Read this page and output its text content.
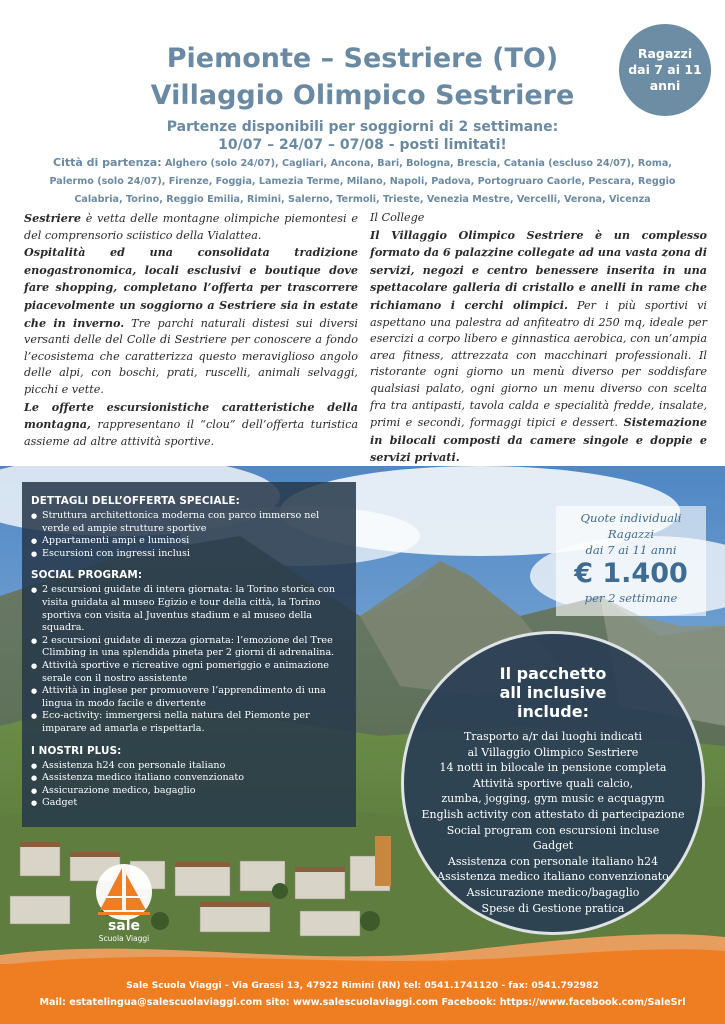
Piemonte – Sestriere (TO)
Villaggio Olimpico Sestriere
Ragazzi
dai 7 ai 11
anni
Partenze disponibili per soggiorni di 2 settimane:
10/07 – 24/07 – 07/08 - posti limitati!
Città di partenza: Alghero (solo 24/07), Cagliari, Ancona, Bari, Bologna, Brescia, Catania (escluso 24/07), Roma,
Palermo (solo 24/07), Firenze, Foggia, Lamezia Terme, Milano, Napoli, Padova, Portogruaro Caorle, Pescara, Reggio
Calabria, Torino, Reggio Emilia, Rimini, Salerno, Termoli, Trieste, Venezia Mestre, Vercelli, Verona, Vicenza

Sestriere è vetta delle montagne olimpiche piemontesi e del comprensorio sciistico della Vialattea.

Ospitalità ed una consolidata tradizione enogastronomica, locali esclusivi e boutique dove fare shopping, completano l’offerta per trascorrere piacevolmente un soggiorno a Sestriere sia in estate che in inverno. Tre parchi naturali distesi sui diversi versanti delle del Colle di Sestriere per conoscere a fondo l’ecosistema che caratterizza questo meraviglioso angolo delle alpi, con boschi, prati, ruscelli, animali selvaggi, picchi e vette.

Le offerte escursionistiche caratteristiche della montagna, rappresentano il “clou” dell’offerta turistica assieme ad altre attività sportive.

Il College

Il Villaggio Olimpico Sestriere è un complesso formato da 6 palazzine collegate ad una vasta zona di servizi, negozi e centro benessere inserita in una spettacolare galleria di cristallo e anelli in rame che richiamano i cerchi olimpici. Per i più sportivi vi aspettano una palestra ad anfiteatro di 250 mq, ideale per esercizi a corpo libero e ginnastica aerobica, con un’ampia area fitness, attrezzata con macchinari professionali. Il ristorante ogni giorno un menù diverso per soddisfare qualsiasi palato, ogni giorno un menu diverso con scelta fra tra antipasti, tavola calda e specialità fredde, insalate, primi e secondi, formaggi tipici e dessert. Sistemazione in bilocali composti da camere singole e doppie e servizi privati.

DETTAGLI DELL’OFFERTA SPECIALE:
● Struttura architettonica moderna con parco immerso nel verde ed ampie strutture sportive
● Appartamenti ampi e luminosi
● Escursioni con ingressi inclusi
SOCIAL PROGRAM:
● 2 escursioni guidate di intera giornata: la Torino storica con visita guidata al museo Egizio e tour della città, la Torino sportiva con visita al Juventus stadium e al museo della squadra.
● 2 escursioni guidate di mezza giornata: l’emozione del Tree Climbing in una splendida pineta per 2 giorni di adrenalina.
● Attività sportive e ricreative ogni pomeriggio e animazione serale con il nostro assistente
● Attività in inglese per promuovere l’apprendimento di una lingua in modo facile e divertente
● Eco-activity: immergersi nella natura del Piemonte per imparare ad amarla e rispettarla.
I NOSTRI PLUS:
● Assistenza h24 con personale italiano
● Assistenza medico italiano convenzionato
● Assicurazione medico, bagaglio
● Gadget
Quote individuali
Ragazzi
dai 7 ai 11 anni
€ 1.400
per 2 settimane
Il pacchetto
all inclusive
include:
Trasporto a/r dai luoghi indicati
al Villaggio Olimpico Sestriere
14 notti in bilocale in pensione completa
Attività sportive quali calcio,
zumba, jogging, gym music e acquagym
English activity con attestato di partecipazione
Social program con escursioni incluse
Gadget
Assistenza con personale italiano h24
Assistenza medico italiano convenzionato
Assicurazione medico/bagaglio
Spese di Gestione pratica
sale
Scuola Viaggi
Sale Scuola Viaggi - Via Grassi 13, 47922 Rimini (RN) tel: 0541.1741120 - fax: 0541.792982
Mail: estatelingua@salescuolaviaggi.com sito: www.salescuolaviaggi.com Facebook: https://www.facebook.com/SaleSrl
